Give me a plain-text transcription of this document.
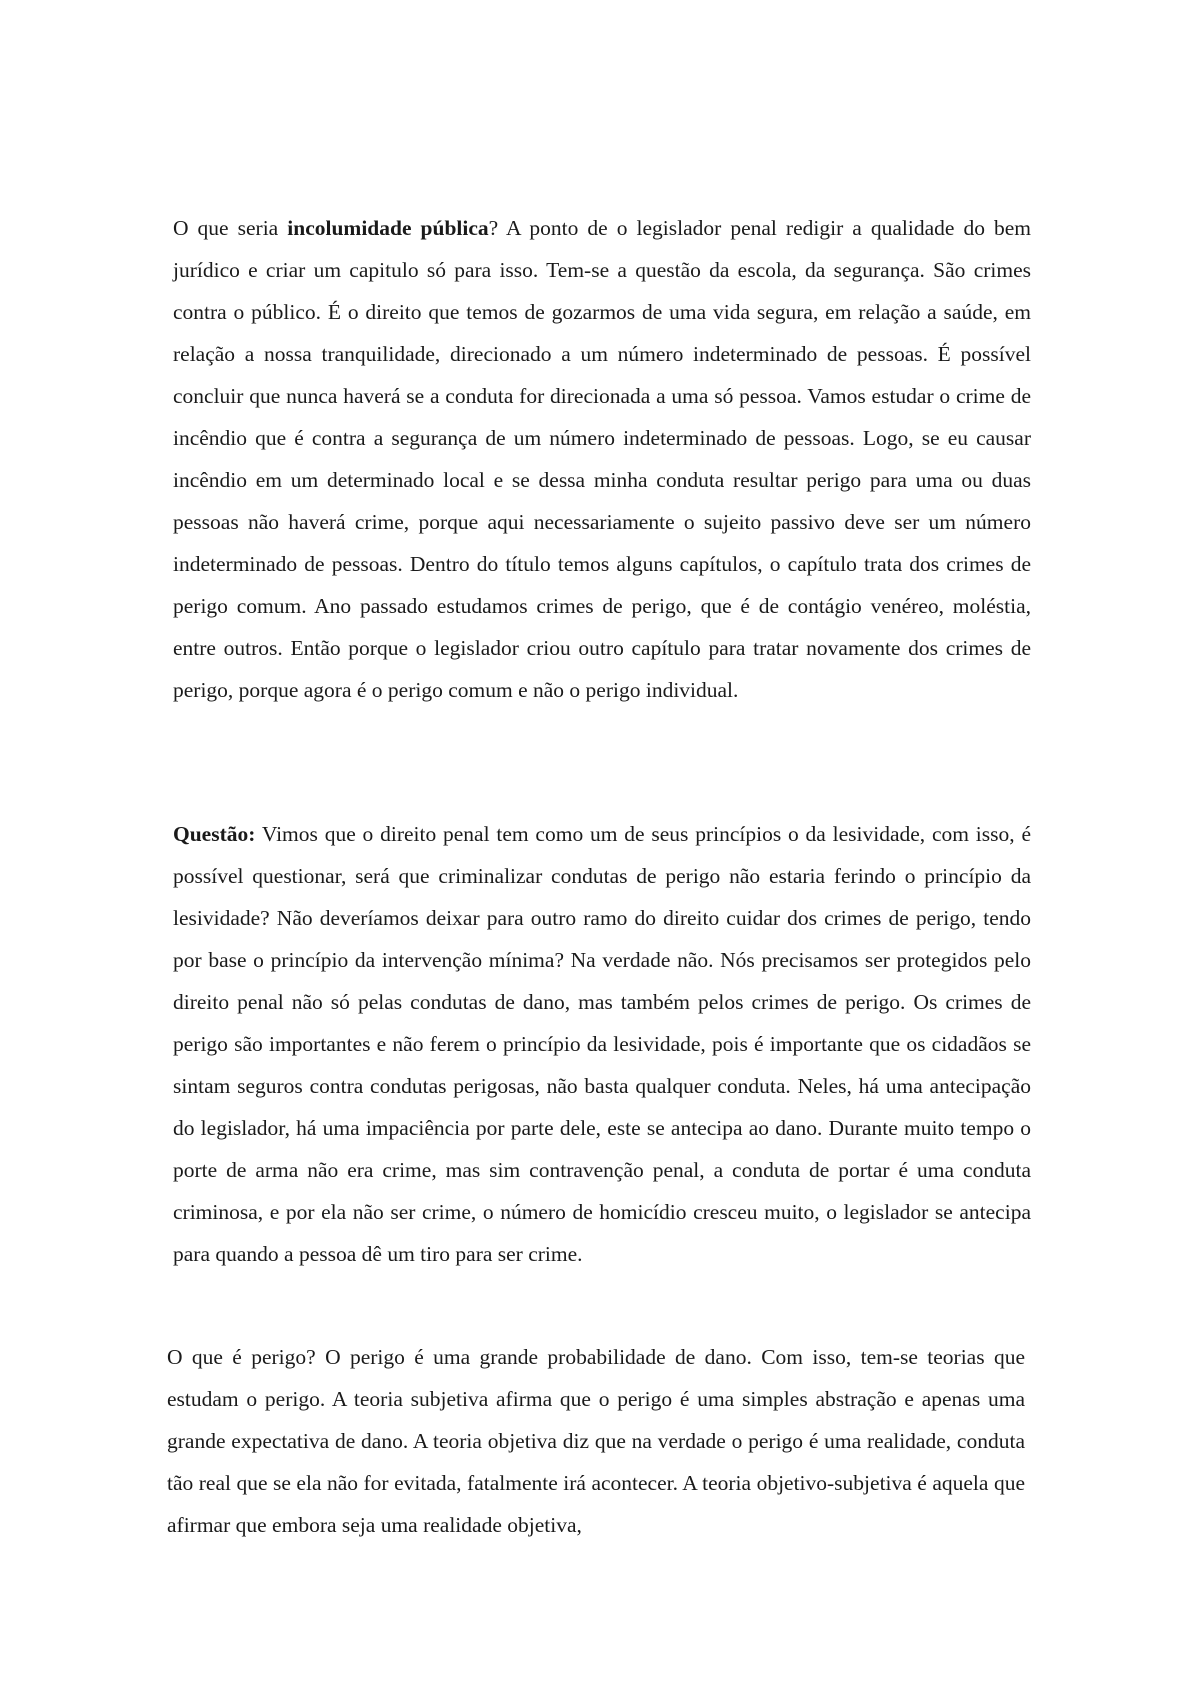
O que seria incolumidade pública? A ponto de o legislador penal redigir a qualidade do bem jurídico e criar um capitulo só para isso. Tem-se a questão da escola, da segurança. São crimes contra o público. É o direito que temos de gozarmos de uma vida segura, em relação a saúde, em relação a nossa tranquilidade, direcionado a um número indeterminado de pessoas. É possível concluir que nunca haverá se a conduta for direcionada a uma só pessoa. Vamos estudar o crime de incêndio que é contra a segurança de um número indeterminado de pessoas. Logo, se eu causar incêndio em um determinado local e se dessa minha conduta resultar perigo para uma ou duas pessoas não haverá crime, porque aqui necessariamente o sujeito passivo deve ser um número indeterminado de pessoas. Dentro do título temos alguns capítulos, o capítulo trata dos crimes de perigo comum. Ano passado estudamos crimes de perigo, que é de contágio venéreo, moléstia, entre outros. Então porque o legislador criou outro capítulo para tratar novamente dos crimes de perigo, porque agora é o perigo comum e não o perigo individual.

Questão: Vimos que o direito penal tem como um de seus princípios o da lesividade, com isso, é possível questionar, será que criminalizar condutas de perigo não estaria ferindo o princípio da lesividade? Não deveríamos deixar para outro ramo do direito cuidar dos crimes de perigo, tendo por base o princípio da intervenção mínima? Na verdade não. Nós precisamos ser protegidos pelo direito penal não só pelas condutas de dano, mas também pelos crimes de perigo. Os crimes de perigo são importantes e não ferem o princípio da lesividade, pois é importante que os cidadãos se sintam seguros contra condutas perigosas, não basta qualquer conduta. Neles, há uma antecipação do legislador, há uma impaciência por parte dele, este se antecipa ao dano. Durante muito tempo o porte de arma não era crime, mas sim contravenção penal, a conduta de portar é uma conduta criminosa, e por ela não ser crime, o número de homicídio cresceu muito, o legislador se antecipa para quando a pessoa dê um tiro para ser crime.

O que é perigo? O perigo é uma grande probabilidade de dano. Com isso, tem-se teorias que estudam o perigo. A teoria subjetiva afirma que o perigo é uma simples abstração e apenas uma grande expectativa de dano. A teoria objetiva diz que na verdade o perigo é uma realidade, conduta tão real que se ela não for evitada, fatalmente irá acontecer. A teoria objetivo-subjetiva é aquela que afirmar que embora seja uma realidade objetiva,
